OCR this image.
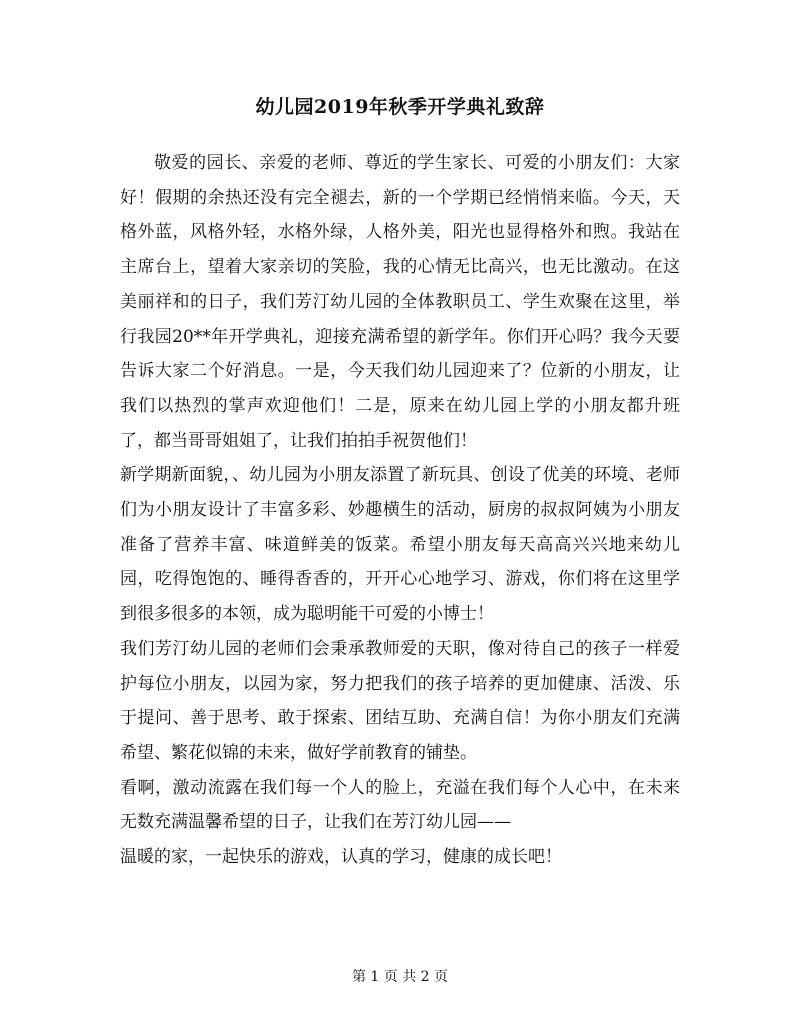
幼儿园2019年秋季开学典礼致辞

敬爱的园长、亲爱的老师、尊近的学生家长、可爱的小朋友们：大家好！假期的余热还没有完全褪去，新的一个学期已经悄悄来临。今天，天格外蓝，风格外轻，水格外绿，人格外美，阳光也显得格外和煦。我站在主席台上，望着大家亲切的笑脸，我的心情无比高兴，也无比激动。在这美丽祥和的日子，我们芳汀幼儿园的全体教职员工、学生欢聚在这里，举行我园20**年开学典礼，迎接充满希望的新学年。你们开心吗？我今天要告诉大家二个好消息。一是，今天我们幼儿园迎来了？位新的小朋友，让我们以热烈的掌声欢迎他们！二是，原来在幼儿园上学的小朋友都升班了，都当哥哥姐姐了，让我们拍拍手祝贺他们！

新学期新面貌，、幼儿园为小朋友添置了新玩具、创设了优美的环境、老师们为小朋友设计了丰富多彩、妙趣横生的活动，厨房的叔叔阿姨为小朋友准备了营养丰富、味道鲜美的饭菜。希望小朋友每天高高兴兴地来幼儿园，吃得饱饱的、睡得香香的，开开心心地学习、游戏，你们将在这里学到很多很多的本领，成为聪明能干可爱的小博士！

我们芳汀幼儿园的老师们会秉承教师爱的天职，像对待自己的孩子一样爱护每位小朋友，以园为家，努力把我们的孩子培养的更加健康、活泼、乐于提问、善于思考、敢于探索、团结互助、充满自信！为你小朋友们充满希望、繁花似锦的未来，做好学前教育的铺垫。

看啊，激动流露在我们每一个人的脸上，充溢在我们每个人心中，在未来无数充满温馨希望的日子，让我们在芳汀幼儿园——

温暖的家，一起快乐的游戏，认真的学习，健康的成长吧！

第 1 页 共 2 页
